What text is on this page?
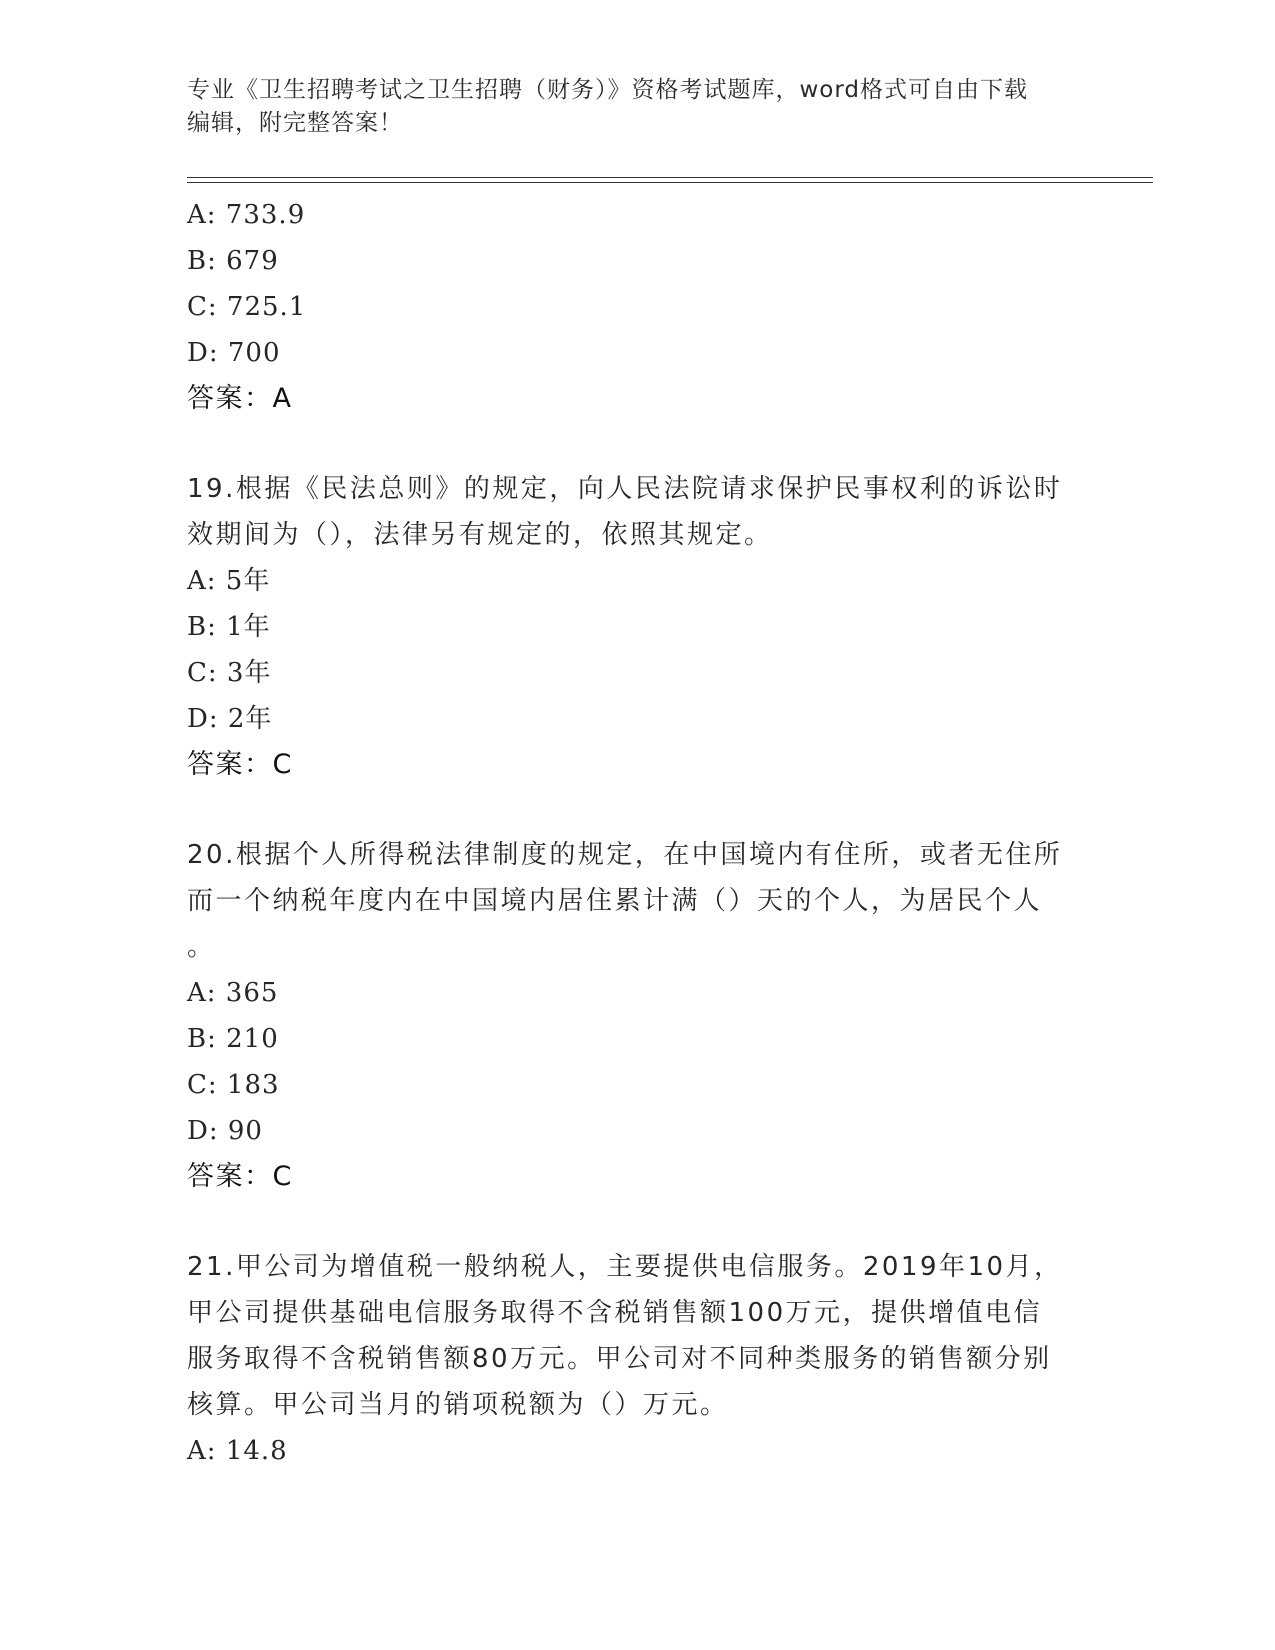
专业《卫生招聘考试之卫生招聘（财务）》资格考试题库，word格式可自由下载
编辑，附完整答案！
A: 733.9
B: 679
C: 725.1
D: 700
答案：A
19.根据《民法总则》的规定，向人民法院请求保护民事权利的诉讼时
效期间为（），法律另有规定的，依照其规定。
A: 5年
B: 1年
C: 3年
D: 2年
答案：C
20.根据个人所得税法律制度的规定，在中国境内有住所，或者无住所
而一个纳税年度内在中国境内居住累计满（）天的个人，为居民个人
。
A: 365
B: 210
C: 183
D: 90
答案：C
21.甲公司为增值税一般纳税人，主要提供电信服务。2019年10月，
甲公司提供基础电信服务取得不含税销售额100万元，提供增值电信
服务取得不含税销售额80万元。甲公司对不同种类服务的销售额分别
核算。甲公司当月的销项税额为（）万元。
A: 14.8
